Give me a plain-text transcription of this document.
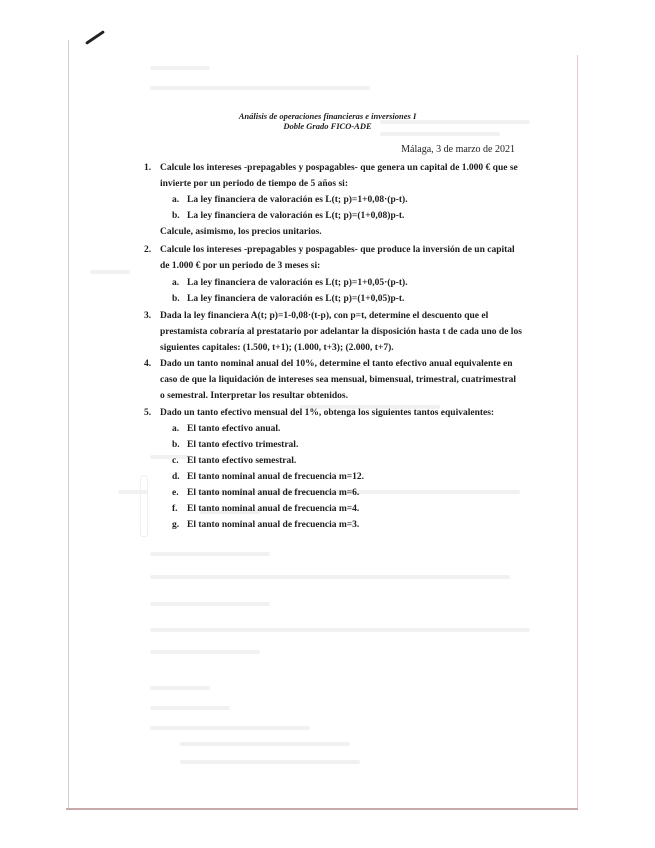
Análisis de operaciones financieras e inversiones I
Doble Grado FICO-ADE
Málaga, 3 de marzo de 2021
1. Calcule los intereses -prepagables y pospagables- que genera un capital de 1.000 € que se
invierte por un periodo de tiempo de 5 años si:
a. La ley financiera de valoración es L(t; p)=1+0,08·(p-t).
b. La ley financiera de valoración es L(t; p)=(1+0,08)p-t.
Calcule, asimismo, los precios unitarios.
2. Calcule los intereses -prepagables y pospagables- que produce la inversión de un capital
de 1.000 € por un periodo de 3 meses si:
a. La ley financiera de valoración es L(t; p)=1+0,05·(p-t).
b. La ley financiera de valoración es L(t; p)=(1+0,05)p-t.
3. Dada la ley financiera A(t; p)=1-0,08·(t-p), con p=t, determine el descuento que el
prestamista cobraría al prestatario por adelantar la disposición hasta t de cada uno de los
siguientes capitales: (1.500, t+1); (1.000, t+3); (2.000, t+7).
4. Dado un tanto nominal anual del 10%, determine el tanto efectivo anual equivalente en
caso de que la liquidación de intereses sea mensual, bimensual, trimestral, cuatrimestral
o semestral. Interpretar los resultar obtenidos.
5. Dado un tanto efectivo mensual del 1%, obtenga los siguientes tantos equivalentes:
a. El tanto efectivo anual.
b. El tanto efectivo trimestral.
c. El tanto efectivo semestral.
d. El tanto nominal anual de frecuencia m=12.
e. El tanto nominal anual de frecuencia m=6.
f. El tanto nominal anual de frecuencia m=4.
g. El tanto nominal anual de frecuencia m=3.
